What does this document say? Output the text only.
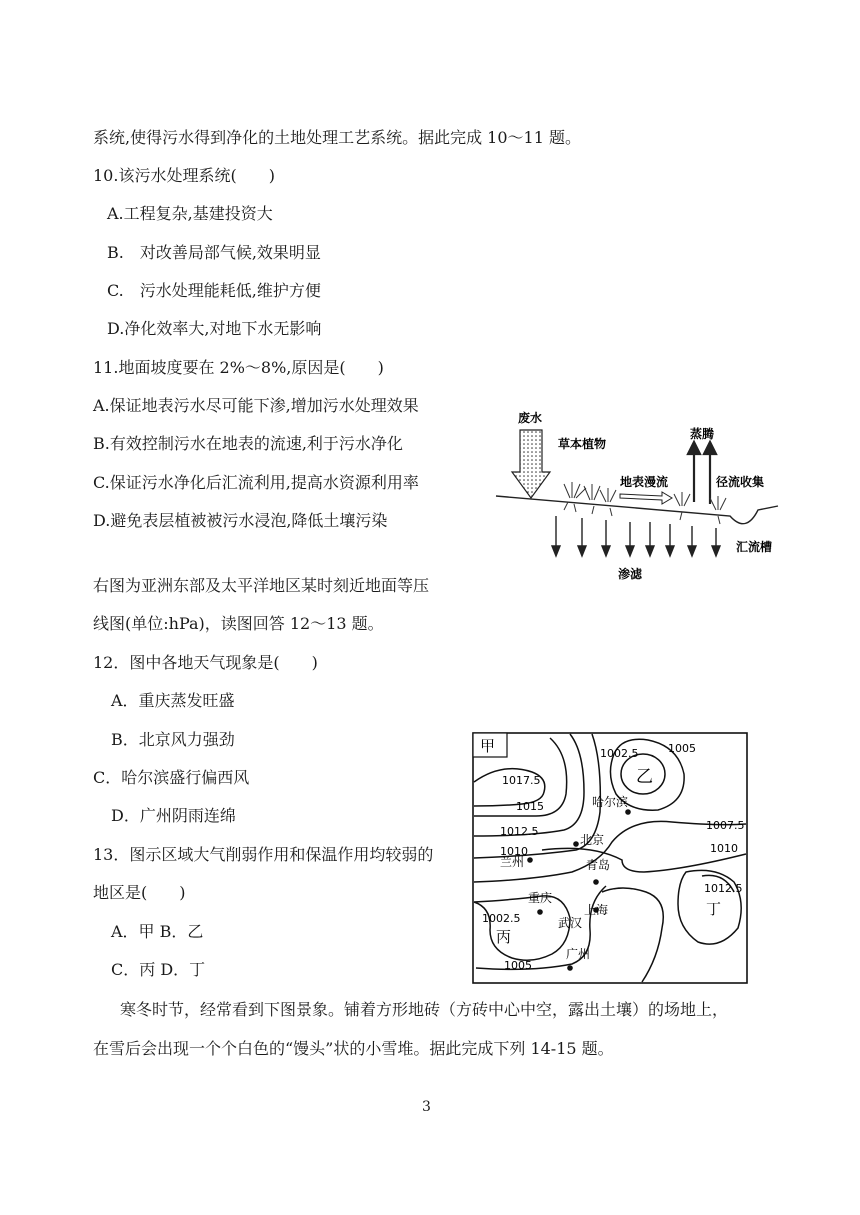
系统,使得污水得到净化的土地处理工艺系统。据此完成 10～11 题。
10.该污水处理系统(　　)
A.工程复杂,基建投资大
B.　对改善局部气候,效果明显
C.　污水处理能耗低,维护方便
D.净化效率大,对地下水无影响
11.地面坡度要在 2%～8%,原因是(　　)
A.保证地表污水尽可能下渗,增加污水处理效果
B.有效控制污水在地表的流速,利于污水净化
C.保证污水净化后汇流利用,提高水资源利用率
D.避免表层植被被污水浸泡,降低土壤污染
右图为亚洲东部及太平洋地区某时刻近地面等压
线图(单位:hPa)，读图回答 12～13 题。
12．图中各地天气现象是(　　)
A．重庆蒸发旺盛
B．北京风力强劲
C．哈尔滨盛行偏西风
D．广州阴雨连绵
13．图示区域大气削弱作用和保温作用均较弱的
地区是(　　)
A．甲 B．乙
C．丙 D．丁
寒冬时节，经常看到下图景象。铺着方形地砖（方砖中心中空，露出土壤）的场地上，
在雪后会出现一个个白色的“馒头”状的小雪堆。据此完成下列 14-15 题。
3
废水
草本植物
蒸腾
地表漫流	径流收集
汇流槽
渗滤
甲	1002.5	1005
1017.5
1015
1012.5
1010
1007.5
1010
1012.5
1002.5
1005
乙
丙
丁
哈尔滨
北京
兰州	青岛
重庆
上海
武汉
广州
